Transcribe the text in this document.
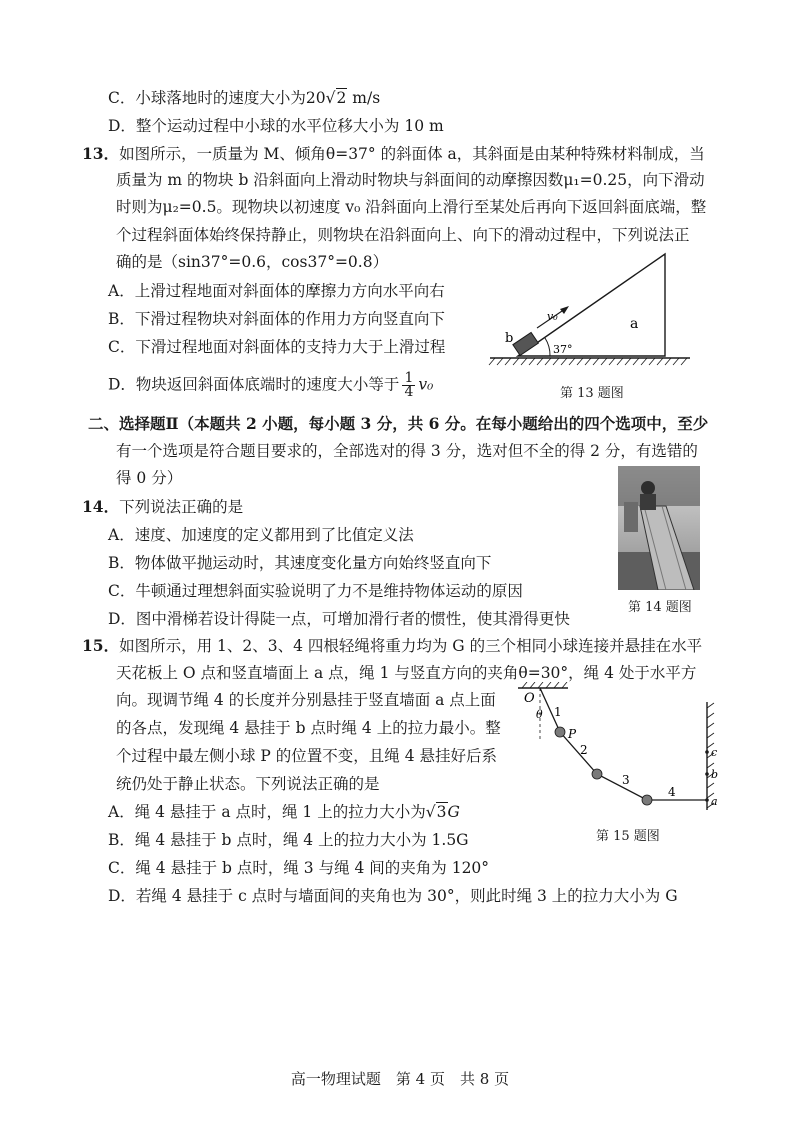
C．小球落地时的速度大小为20√2 m/s
D．整个运动过程中小球的水平位移大小为 10 m
13．如图所示，一质量为 M、倾角θ=37° 的斜面体 a，其斜面是由某种特殊材料制成，当
质量为 m 的物块 b 沿斜面向上滑动时物块与斜面间的动摩擦因数μ₁=0.25，向下滑动
时则为μ₂=0.5。现物块以初速度 v₀ 沿斜面向上滑行至某处后再向下返回斜面底端，整
个过程斜面体始终保持静止，则物块在沿斜面向上、向下的滑动过程中，下列说法正
确的是（sin37°=0.6，cos37°=0.8）
A．上滑过程地面对斜面体的摩擦力方向水平向右
B．下滑过程物块对斜面体的作用力方向竖直向下
C．下滑过程地面对斜面体的支持力大于上滑过程
D．物块返回斜面体底端时的速度大小等于 $\frac{1}{4} v_0$
v₀	a
b
37°
第 13 题图
二、选择题Ⅱ（本题共 2 小题，每小题 3 分，共 6 分。在每小题给出的四个选项中，至少
有一个选项是符合题目要求的，全部选对的得 3 分，选对但不全的得 2 分，有选错的
得 0 分）
14．下列说法正确的是
A．速度、加速度的定义都用到了比值定义法
B．物体做平抛运动时，其速度变化量方向始终竖直向下
C．牛顿通过理想斜面实验说明了力不是维持物体运动的原因
D．图中滑梯若设计得陡一点，可增加滑行者的惯性，使其滑得更快
第 14 题图
15．如图所示，用 1、2、3、4 四根轻绳将重力均为 G 的三个相同小球连接并悬挂在水平
天花板上 O 点和竖直墙面上 a 点，绳 1 与竖直方向的夹角θ=30°，绳 4 处于水平方
向。现调节绳 4 的长度并分别悬挂于竖直墙面 a 点上面
的各点，发现绳 4 悬挂于 b 点时绳 4 上的拉力最小。整
个过程中最左侧小球 P 的位置不变，且绳 4 悬挂好后系
统仍处于静止状态。下列说法正确的是
A．绳 4 悬挂于 a 点时，绳 1 上的拉力大小为√3G
B．绳 4 悬挂于 b 点时，绳 4 上的拉力大小为 1.5G
C．绳 4 悬挂于 b 点时，绳 3 与绳 4 间的夹角为 120°
D．若绳 4 悬挂于 c 点时与墙面间的夹角也为 30°，则此时绳 3 上的拉力大小为 G
O
θ 1
P
2
3
4
a
b
c
第 15 题图
高一物理试题　第 4 页　共 8 页
